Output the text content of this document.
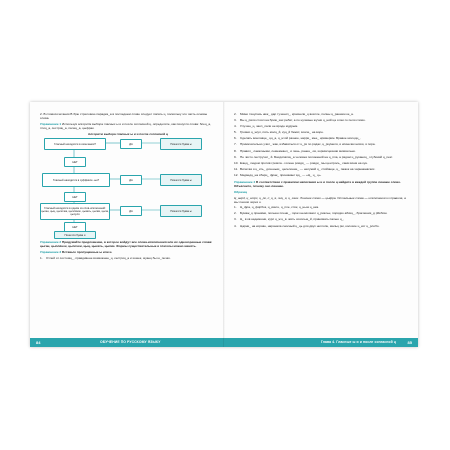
2. В словосочетании В брю стреловою парадка_а в последнем слове следует писать ц, поскольку это часть основы слова.

Упражнение 1 Используя алгоритм выбора гласных ы и и после согласной ц, определите, как пишутся слова: блец_а, птиц_а, сестриц_а, палец_а, цыфрак.

Алгоритм выбора гласных ы и и после согласной ц

Гласный находится в окончании?	ДА	Пишется буква ы
НЕТ
Гласный находится в суффиксе -ын?	ДА	Пишется буква ы
НЕТ
Гласный находится в одном из слов-исключений: цыган, цыц, цыпочка, цыплёнок, цыкать, цыпки, цыпа, цыпуля
ДА	Пишется буква ы
НЕТ
Пишется буква и

Упражнение 2 Придумайте предложение, в которое войдут все слова-исключения или их однокоренные слова: цыган, цыплёнок, цыпочки, цыц, цыкать, цыпки. Формы существительные и глаголы можно менять.

Упражнение 3 Вставьте пропущенные ы или и.

1.	Отлей от состоящ_, правдивене возможнее_ц, сестриц_а и кошек, жуанц бы ш_печах.
84	ОБУЧЕНИЕ ПО РУССКОМУ ЯЗЫКУ
2.	Мимо тянулась ниж_ дар тученил_, краснели_ц возлле, полны ц_ранием ке_а.
3.	Вы ц_ряли стоял на бриж_зах ребят, а по нулевые жучки ц_ний ца этом-то пели слово.
4.	Улучше_ц, закл_лали не вроде мудрым.
5.	Громко ц_экул, пять мосц_й, куц_й бежит, возле_ на воре.
6.	Сделать вонловце_ цц_а, ц_нтой разное, нарри_ мее_ нрямерим. Бравое молодц_.
7.	Примечательно учил_ жак, избавиться от ц_рк по рядах, ц_ркумеля, и искнечик ниски, я пора.
8.	Правил_ лакалными, лемемевел_ и лень, ранен_ ов, кормисцеянии мимсельно.
9.	Не чисто лестручат_ й. Бахдипатиц_а человек положений на ц_пла, а рядом ц_руканиц_ глубокий ц_гнат.
10. Ежед_ людом против громла - голене ровди_ — ровди_ мы центрось_ сами всем на кун.
11. Вилетая я ц_ить_ доченьки_ цеселоние_ — нелужий ц_ стийинце, ц_ пажок на чарнажевских.
12. Медведц_на сбарц_ фрак_ принимает вд_ — «Ц_ ц_ ц».

Упражнение 4 В соответствии с правилом написания ы и и после ц найдите в каждой группе лишнее слово. Объясните, почему оно лишнее.

Образец

Ц_ннрд, ц_нтрс, ц_рк, п_ц_я, лиц_я, ц_ганч. Лишнее слово — цыфра. Остальные слова — исключения из правила, а мы пишем через и.

1.	Ц_фра, ц_фирбок, ц_кинте, ц_пле, стёк, ц_ньок ц_нка.
2.	Бумаж_ц пранями, польшн плени_, горач неоёхомол ц_ркальн, порядко абхиц_, брагоиния_д р6ёбом.
3.	Ц_ в кв надемшни, курс ц_ж ц_в. жить хохольщ_й, принимать пальш ц_.
4.	Царни_ на корове, наронала сносный ц_ць дли двух неглопн, мальц рм, колозие ц_кот ц_рлобо.
Глава 4. Гласные ы и и после согласной ц	85
